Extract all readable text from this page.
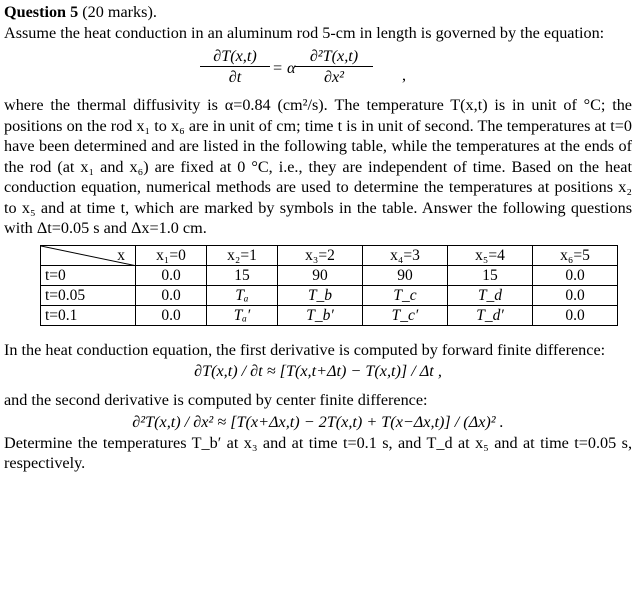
Question 5 (20 marks).

Assume the heat conduction in an aluminum rod 5-cm in length is governed by the equation:

∂T(x,t)
∂t	= α
∂²T(x,t)
∂x²	,

where the thermal diffusivity is α=0.84 (cm²/s). The temperature T(x,t) is in unit of °C; the positions on the rod x₁ to x₆ are in unit of cm; time t is in unit of second. The temperatures at t=0 have been determined and are listed in the following table, while the temperatures at the ends of the rod (at x₁ and x₆) are fixed at 0 °C, i.e., they are independent of time. Based on the heat conduction equation, numerical methods are used to determine the temperatures at positions x₂ to x₅ and at time t, which are marked by symbols in the table. Answer the following questions with Δt=0.05 s and Δx=1.0 cm.

x	x₁=0	x₂=1	x₃=2	x₄=3	x₅=4	x₆=5
t=0	0.0	15	90	90	15	0.0
t=0.05	0.0	Tₐ	T_b	T_c	T_d	0.0
t=0.1	0.0	Tₐ′	T_b′	T_c′	T_d′	0.0

In the heat conduction equation, the first derivative is computed by forward finite difference:

∂T(x,t) / ∂t ≈ [T(x,t+Δt) − T(x,t)] / Δt ,

and the second derivative is computed by center finite difference:

∂²T(x,t) / ∂x² ≈ [T(x+Δx,t) − 2T(x,t) + T(x−Δx,t)] / (Δx)² .

Determine the temperatures T_b′ at x₃ and at time t=0.1 s, and T_d at x₅ and at time t=0.05 s, respectively.
